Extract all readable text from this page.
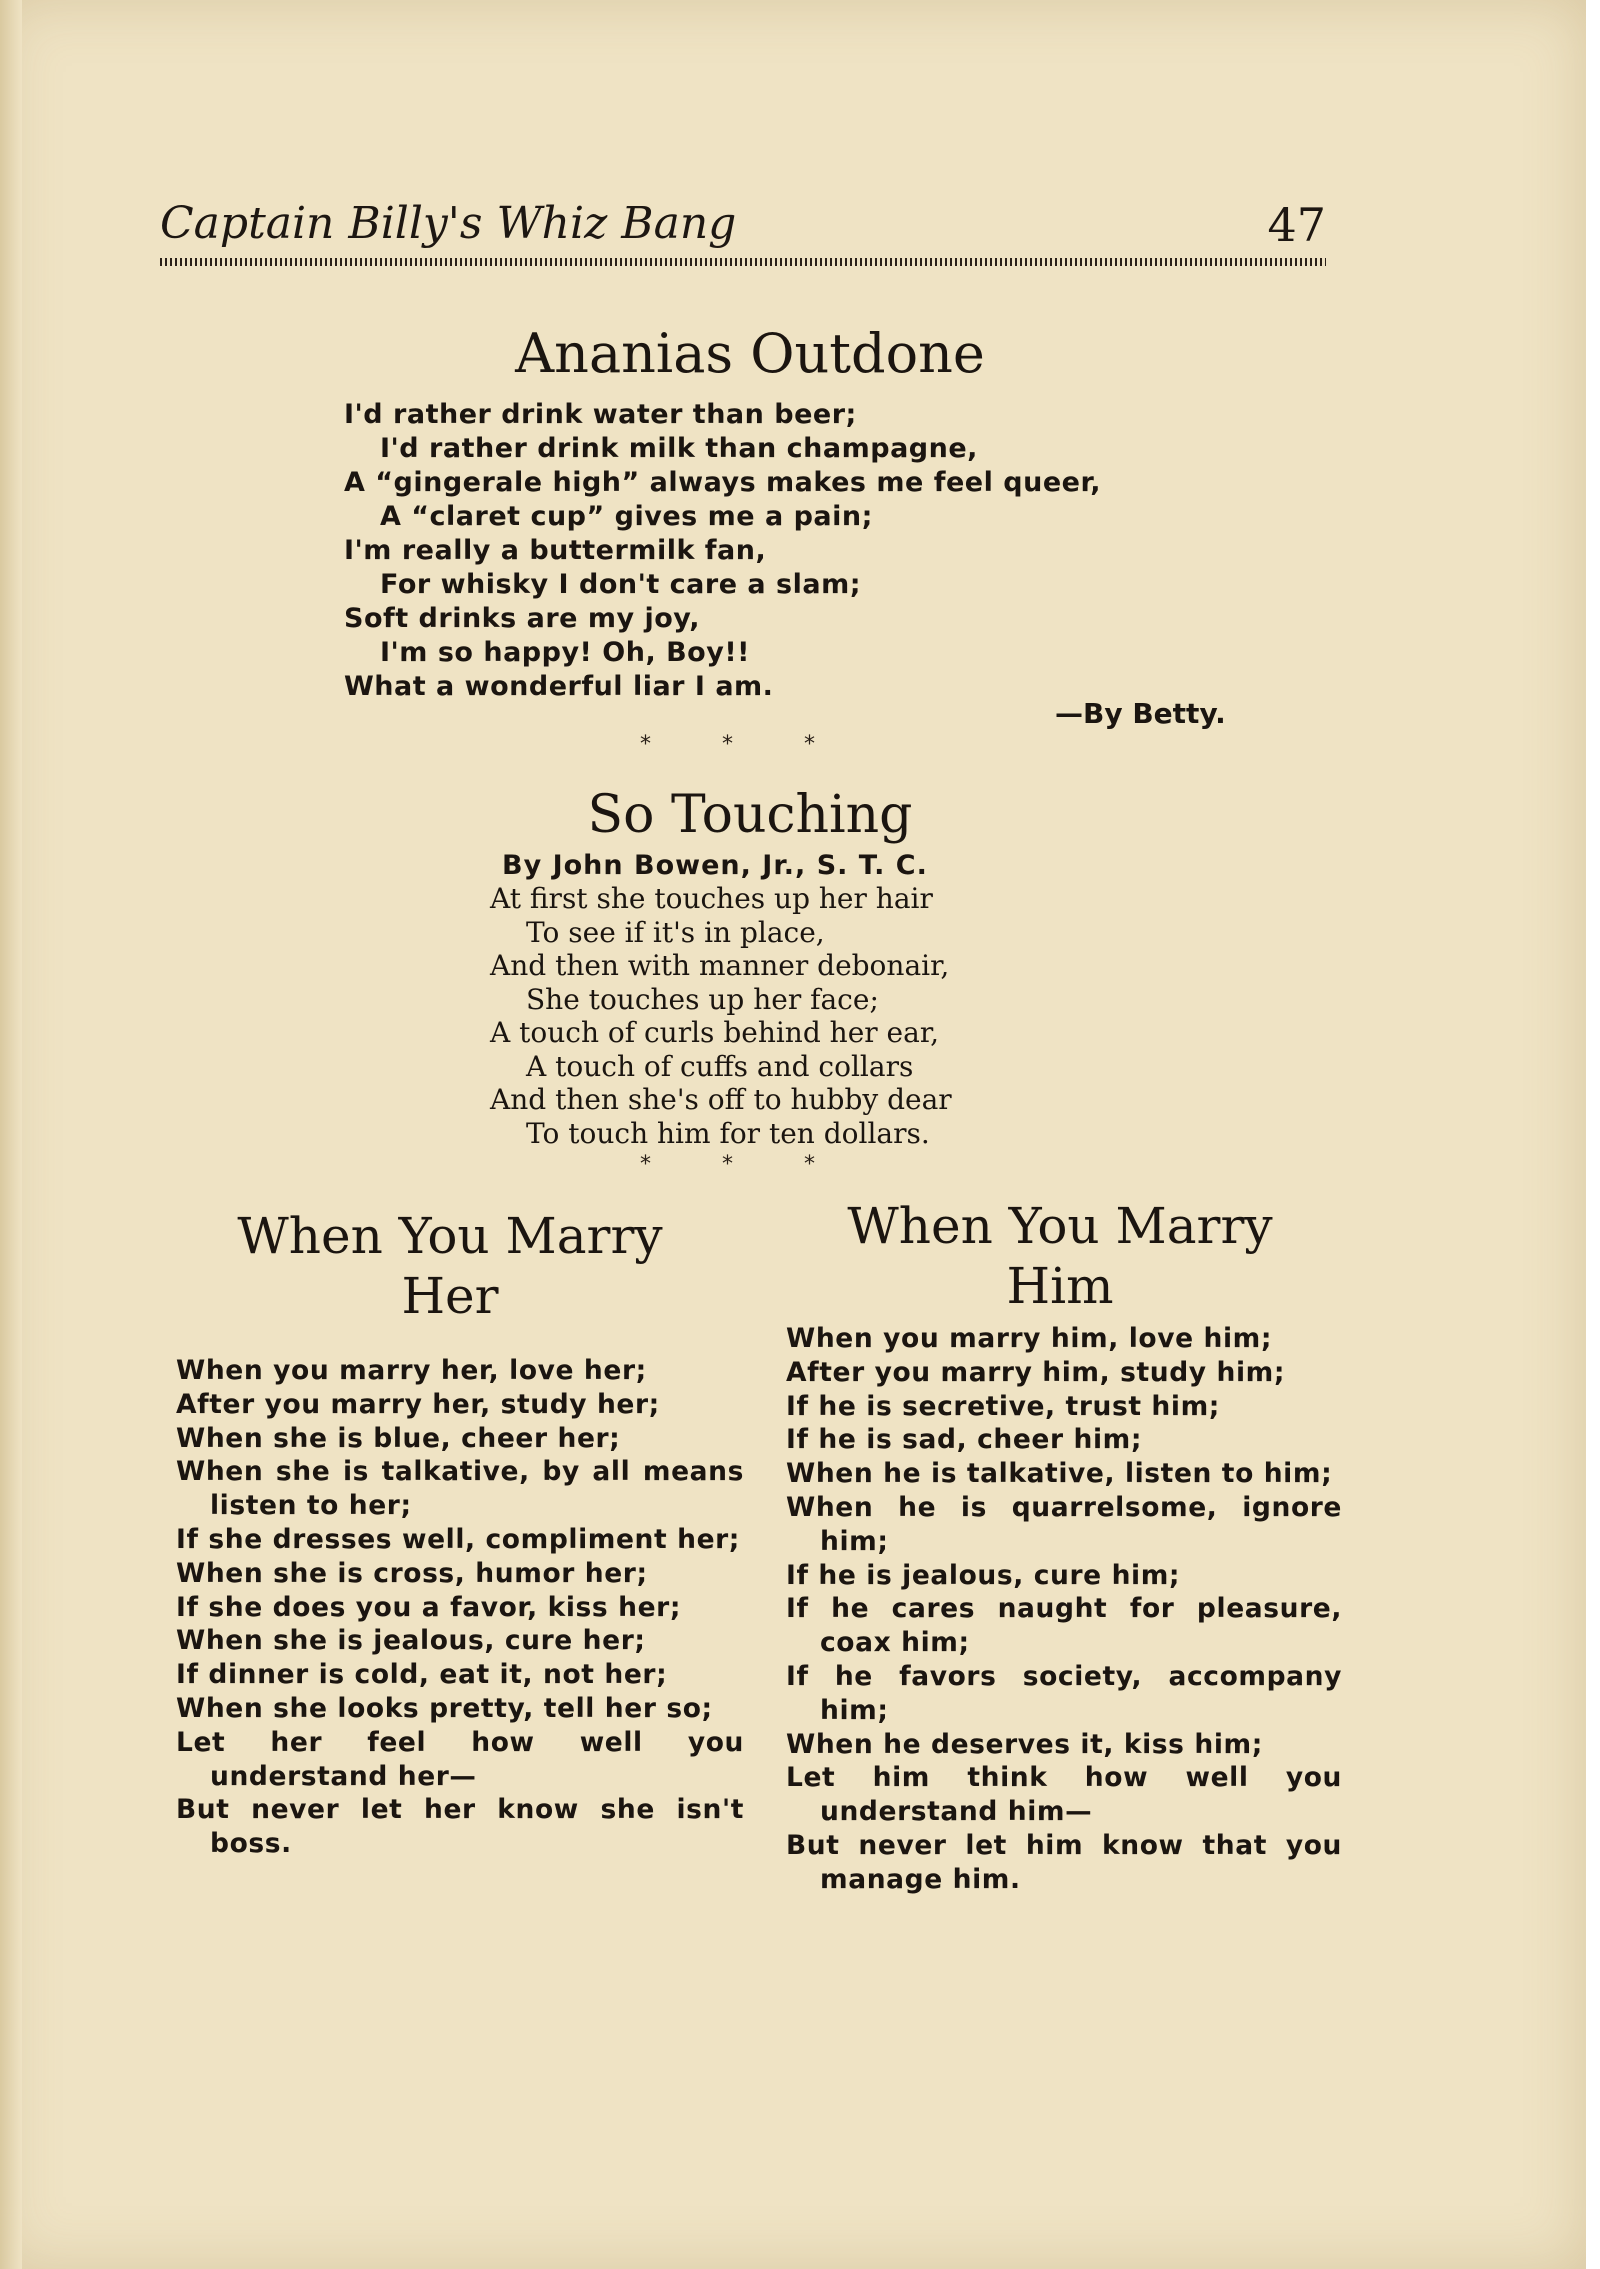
Captain Billy's Whiz Bang	47
Ananias Outdone
I'd rather drink water than beer;
I'd rather drink milk than champagne,
A “gingerale high” always makes me feel queer,
A “claret cup” gives me a pain;
I'm really a buttermilk fan,
For whisky I don't care a slam;
Soft drinks are my joy,
I'm so happy! Oh, Boy!!
What a wonderful liar I am.
—By Betty.
* * *
So Touching
By John Bowen, Jr., S. T. C.
At first she touches up her hair
To see if it's in place,
And then with manner debonair,
She touches up her face;
A touch of curls behind her ear,
A touch of cuffs and collars
And then she's off to hubby dear
To touch him for ten dollars.
* * *
When You Marry
Her
When you marry her, love her;
After you marry her, study her;
When she is blue, cheer her;
When she is talkative, by all means listen to her;
If she dresses well, compliment her;
When she is cross, humor her;
If she does you a favor, kiss her;
When she is jealous, cure her;
If dinner is cold, eat it, not her;
When she looks pretty, tell her so;
Let her feel how well you understand her—
But never let her know she isn't boss.
When You Marry
Him
When you marry him, love him;
After you marry him, study him;
If he is secretive, trust him;
If he is sad, cheer him;
When he is talkative, listen to him;
When he is quarrelsome, ignore him;
If he is jealous, cure him;
If he cares naught for pleasure, coax him;
If he favors society, accompany him;
When he deserves it, kiss him;
Let him think how well you understand him—
But never let him know that you manage him.
